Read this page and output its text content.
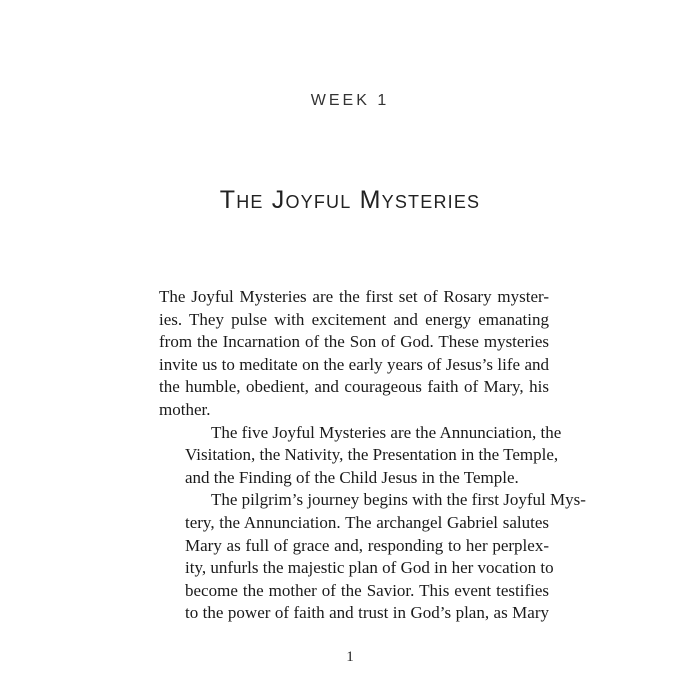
WEEK 1
The Joyful Mysteries

The Joyful Mysteries are the first set of Rosary myster-
ies. They pulse with excitement and energy emanating
from the Incarnation of the Son of God. These mysteries
invite us to meditate on the early years of Jesus’s life and
the humble, obedient, and courageous faith of Mary, his
mother.

The five Joyful Mysteries are the Annunciation, the
Visitation, the Nativity, the Presentation in the Temple,
and the Finding of the Child Jesus in the Temple.

The pilgrim’s journey begins with the first Joyful Mys-
tery, the Annunciation. The archangel Gabriel salutes
Mary as full of grace and, responding to her perplex-
ity, unfurls the majestic plan of God in her vocation to
become the mother of the Savior. This event testifies
to the power of faith and trust in God’s plan, as Mary

1
